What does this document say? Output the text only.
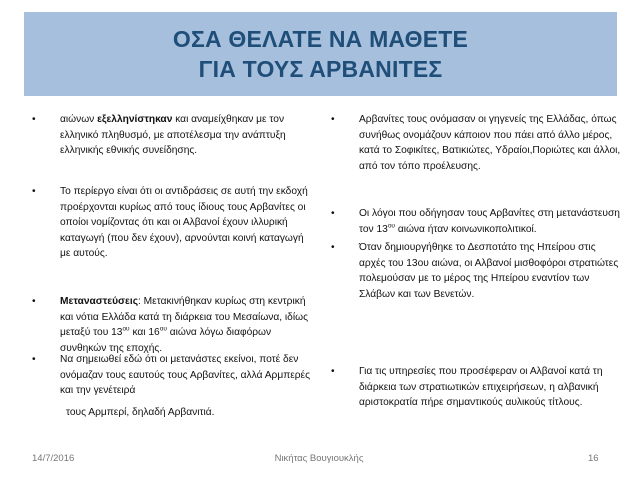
ΟΣΑ ΘΕΛΑΤΕ ΝΑ ΜΑΘΕΤΕ
ΓΙΑ ΤΟΥΣ ΑΡΒΑΝΙΤΕΣ

• αιώνων εξελληνίστηκαν και αναμείχθηκαν με τον ελληνικό πληθυσμό, με αποτέλεσμα την ανάπτυξη ελληνικής εθνικής συνείδησης.

• Το περίεργο είναι ότι οι αντιδράσεις σε αυτή την εκδοχή προέρχονται κυρίως από τους ίδιους τους Αρβανίτες οι οποίοι νομίζοντας ότι και οι Αλβανοί έχουν ιλλυρική καταγωγή (που δεν έχουν), αρνούνται κοινή καταγωγή με αυτούς.

• Μεταναστεύσεις: Μετακινήθηκαν κυρίως στη κεντρική και νότια Ελλάδα κατά τη διάρκεια του Μεσαίωνα, ιδίως μεταξύ του $13^{o\upsilon}$ και $16^{o\upsilon}$ αιώνα λόγω διαφόρων συνθηκών της εποχής.

• Να σημειωθεί εδώ ότι οι μετανάστες εκείνοι, ποτέ δεν ονόμαζαν τους εαυτούς τους Αρβανίτες, αλλά Αρμπερές και την γενέτειρά
τους Αρμπερί, δηλαδή Αρβανιτιά.

• Αρβανίτες τους ονόμασαν οι γηγενείς της Ελλάδας, όπως συνήθως ονομάζουν κάποιον που πάει από άλλο μέρος, κατά το Σοφικίτες, Βατικιώτες, Υδραίοι,Ποριώτες και άλλοι, από τον τόπο προέλευσης.

• Οι λόγοι που οδήγησαν τους Αρβανίτες στη μετανάστευση τον $13^{o\upsilon}$ αιώνα ήταν κοινωνικοπολιτικοί.

• Όταν δημιουργήθηκε το Δεσποτάτο της Ηπείρου στις αρχές του 13ου αιώνα, οι Αλβανοί μισθοφόροι στρατιώτες πολεμούσαν με το μέρος της Ηπείρου εναντίον των Σλάβων και των Βενετών.

• Για τις υπηρεσίες που προσέφεραν οι Αλβανοί κατά τη διάρκεια των στρατιωτικών επιχειρήσεων, η αλβανική αριστοκρατία πήρε σημαντικούς αυλικούς τίτλους.

14/7/2016	Νικήτας Βουγιουκλής	16
